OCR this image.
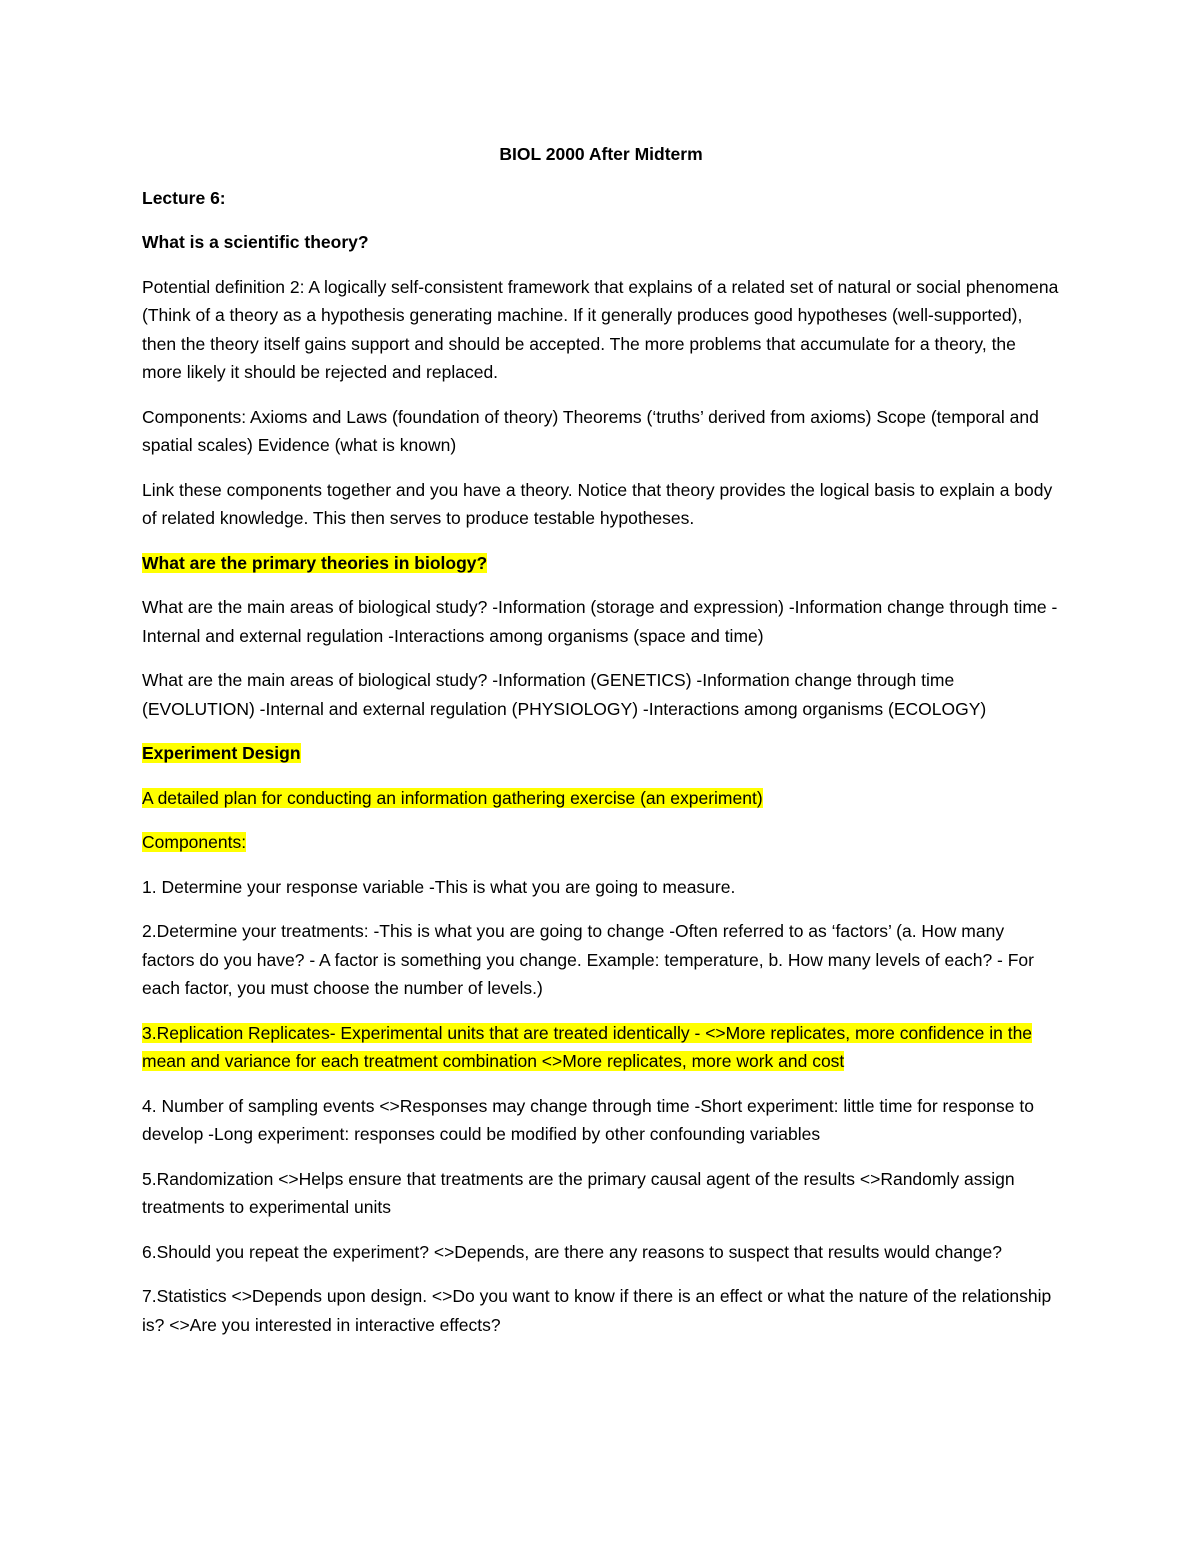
BIOL 2000 After Midterm

Lecture 6:

What is a scientific theory?

Potential definition 2: A logically self-consistent framework that explains of a related set of natural or social phenomena (Think of a theory as a hypothesis generating machine. If it generally produces good hypotheses (well-supported), then the theory itself gains support and should be accepted. The more problems that accumulate for a theory, the more likely it should be rejected and replaced.

Components: Axioms and Laws (foundation of theory) Theorems (‘truths’ derived from axioms) Scope (temporal and spatial scales) Evidence (what is known)

Link these components together and you have a theory. Notice that theory provides the logical basis to explain a body of related knowledge. This then serves to produce testable hypotheses.

What are the primary theories in biology?

What are the main areas of biological study? -Information (storage and expression) -Information change through time -Internal and external regulation -Interactions among organisms (space and time)

What are the main areas of biological study? -Information (GENETICS) -Information change through time (EVOLUTION) -Internal and external regulation (PHYSIOLOGY) -Interactions among organisms (ECOLOGY)

Experiment Design

A detailed plan for conducting an information gathering exercise (an experiment)

Components:

1. Determine your response variable -This is what you are going to measure.

2.Determine your treatments: -This is what you are going to change -Often referred to as ‘factors’ (a. How many factors do you have? - A factor is something you change. Example: temperature, b. How many levels of each? - For each factor, you must choose the number of levels.)

3.Replication Replicates- Experimental units that are treated identically - <>More replicates, more confidence in the mean and variance for each treatment combination <>More replicates, more work and cost

4. Number of sampling events <>Responses may change through time -Short experiment: little time for response to develop -Long experiment: responses could be modified by other confounding variables

5.Randomization <>Helps ensure that treatments are the primary causal agent of the results <>Randomly assign treatments to experimental units

6.Should you repeat the experiment? <>Depends, are there any reasons to suspect that results would change?

7.Statistics <>Depends upon design. <>Do you want to know if there is an effect or what the nature of the relationship is? <>Are you interested in interactive effects?
